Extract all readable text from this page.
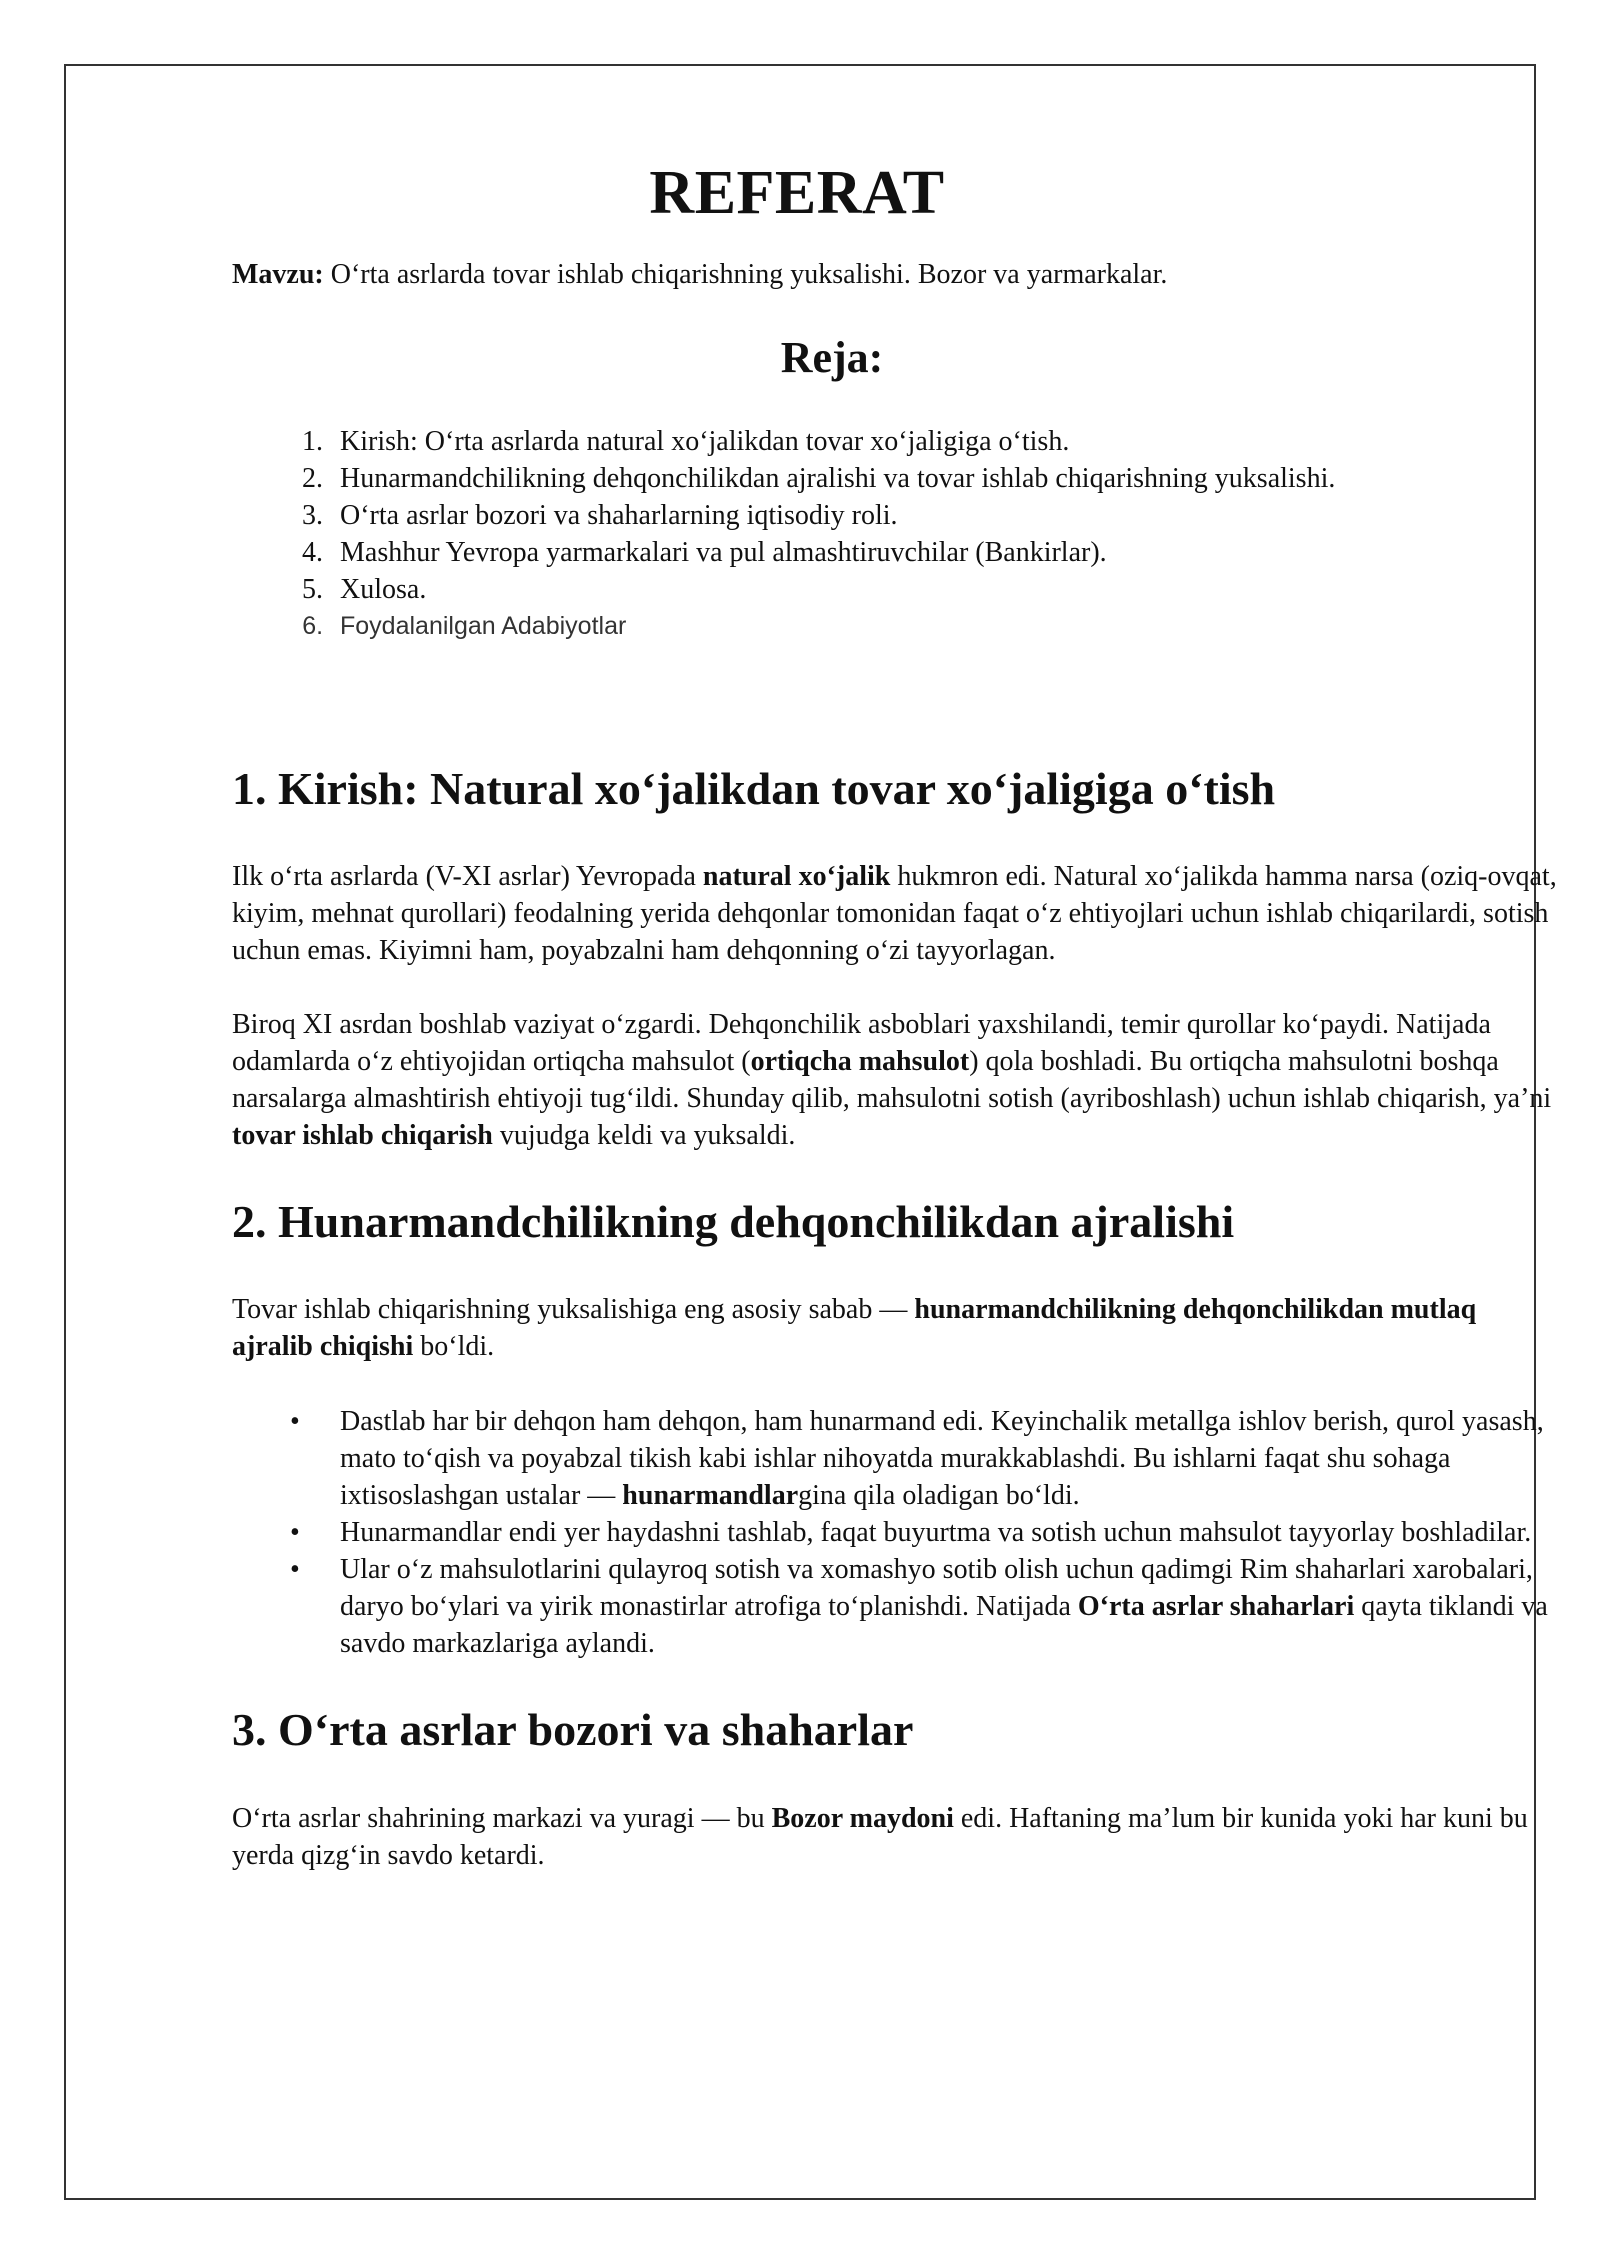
REFERAT

Mavzu: O‘rta asrlarda tovar ishlab chiqarishning yuksalishi. Bozor va yarmarkalar.

Reja:
1. Kirish: O‘rta asrlarda natural xo‘jalikdan tovar xo‘jaligiga o‘tish.
2. Hunarmandchilikning dehqonchilikdan ajralishi va tovar ishlab chiqarishning yuksalishi.
3. O‘rta asrlar bozori va shaharlarning iqtisodiy roli.
4. Mashhur Yevropa yarmarkalari va pul almashtiruvchilar (Bankirlar).
5. Xulosa.
6. Foydalanilgan Adabiyotlar
1. Kirish: Natural xo‘jalikdan tovar xo‘jaligiga o‘tish

Ilk o‘rta asrlarda (V-XI asrlar) Yevropada natural xo‘jalik hukmron edi. Natural xo‘jalikda hamma narsa (oziq-ovqat, kiyim, mehnat qurollari) feodalning yerida dehqonlar tomonidan faqat o‘z ehtiyojlari uchun ishlab chiqarilardi, sotish uchun emas. Kiyimni ham, poyabzalni ham dehqonning o‘zi tayyorlagan.

Biroq XI asrdan boshlab vaziyat o‘zgardi. Dehqonchilik asboblari yaxshilandi, temir qurollar ko‘paydi. Natijada odamlarda o‘z ehtiyojidan ortiqcha mahsulot (ortiqcha mahsulot) qola boshladi. Bu ortiqcha mahsulotni boshqa narsalarga almashtirish ehtiyoji tug‘ildi. Shunday qilib, mahsulotni sotish (ayriboshlash) uchun ishlab chiqarish, ya’ni tovar ishlab chiqarish vujudga keldi va yuksaldi.

2. Hunarmandchilikning dehqonchilikdan ajralishi

Tovar ishlab chiqarishning yuksalishiga eng asosiy sabab — hunarmandchilikning dehqonchilikdan mutlaq ajralib chiqishi bo‘ldi.

• Dastlab har bir dehqon ham dehqon, ham hunarmand edi. Keyinchalik metallga ishlov berish, qurol yasash, mato to‘qish va poyabzal tikish kabi ishlar nihoyatda murakkablashdi. Bu ishlarni faqat shu sohaga ixtisoslashgan ustalar — hunarmandlargina qila oladigan bo‘ldi.
• Hunarmandlar endi yer haydashni tashlab, faqat buyurtma va sotish uchun mahsulot tayyorlay boshladilar.
• Ular o‘z mahsulotlarini qulayroq sotish va xomashyo sotib olish uchun qadimgi Rim shaharlari xarobalari, daryo bo‘ylari va yirik monastirlar atrofiga to‘planishdi. Natijada O‘rta asrlar shaharlari qayta tiklandi va savdo markazlariga aylandi.
3. O‘rta asrlar bozori va shaharlar

O‘rta asrlar shahrining markazi va yuragi — bu Bozor maydoni edi. Haftaning ma’lum bir kunida yoki har kuni bu yerda qizg‘in savdo ketardi.
